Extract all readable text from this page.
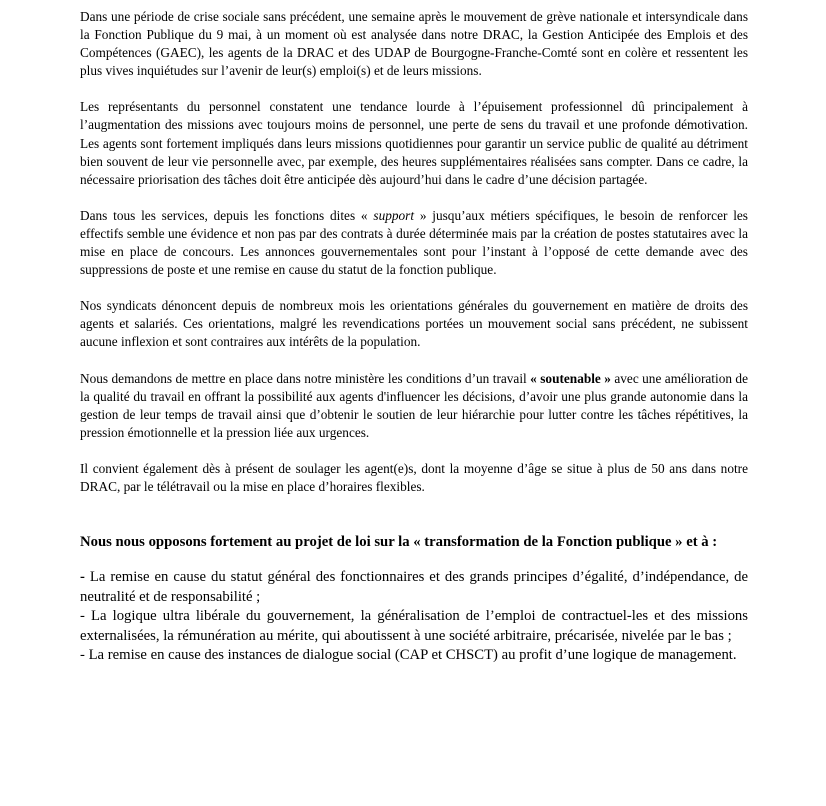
Dans une période de crise sociale sans précédent, une semaine après le mouvement de grève nationale et intersyndicale dans la Fonction Publique du 9 mai, à un moment où est analysée dans notre DRAC, la Gestion Anticipée des Emplois et des Compétences (GAEC), les agents de la DRAC et des UDAP de Bourgogne-Franche-Comté sont en colère et ressentent les plus vives inquiétudes sur l’avenir de leur(s) emploi(s) et de leurs missions.

Les représentants du personnel constatent une tendance lourde à l’épuisement professionnel dû principalement à l’augmentation des missions avec toujours moins de personnel, une perte de sens du travail et une profonde démotivation. Les agents sont fortement impliqués dans leurs missions quotidiennes pour garantir un service public de qualité au détriment bien souvent de leur vie personnelle avec, par exemple, des heures supplémentaires réalisées sans compter. Dans ce cadre, la nécessaire priorisation des tâches doit être anticipée dès aujourd’hui dans le cadre d’une décision partagée.

Dans tous les services, depuis les fonctions dites « support » jusqu’aux métiers spécifiques, le besoin de renforcer les effectifs semble une évidence et non pas par des contrats à durée déterminée mais par la création de postes statutaires avec la mise en place de concours. Les annonces gouvernementales sont pour l’instant à l’opposé de cette demande avec des suppressions de poste et une remise en cause du statut de la fonction publique.

Nos syndicats dénoncent depuis de nombreux mois les orientations générales du gouvernement en matière de droits des agents et salariés. Ces orientations, malgré les revendications portées un mouvement social sans précédent, ne subissent aucune inflexion et sont contraires aux intérêts de la population.

Nous demandons de mettre en place dans notre ministère les conditions d’un travail « soutenable » avec une amélioration de la qualité du travail en offrant la possibilité aux agents d'influencer les décisions, d’avoir une plus grande autonomie dans la gestion de leur temps de travail ainsi que d’obtenir le soutien de leur hiérarchie pour lutter contre les tâches répétitives, la pression émotionnelle et la pression liée aux urgences.

Il convient également dès à présent de soulager les agent(e)s, dont la moyenne d’âge se situe à plus de 50 ans dans notre DRAC, par le télétravail ou la mise en place d’horaires flexibles.

Nous nous opposons fortement au projet de loi sur la « transformation de la Fonction publique » et à :

- La remise en cause du statut général des fonctionnaires et des grands principes d’égalité, d’indépendance, de neutralité et de responsabilité ;

- La logique ultra libérale du gouvernement, la généralisation de l’emploi de contractuel-les et des missions externalisées, la rémunération au mérite, qui aboutissent à une société arbitraire, précarisée, nivelée par le bas ;

- La remise en cause des instances de dialogue social (CAP et CHSCT) au profit d’une logique de management.
